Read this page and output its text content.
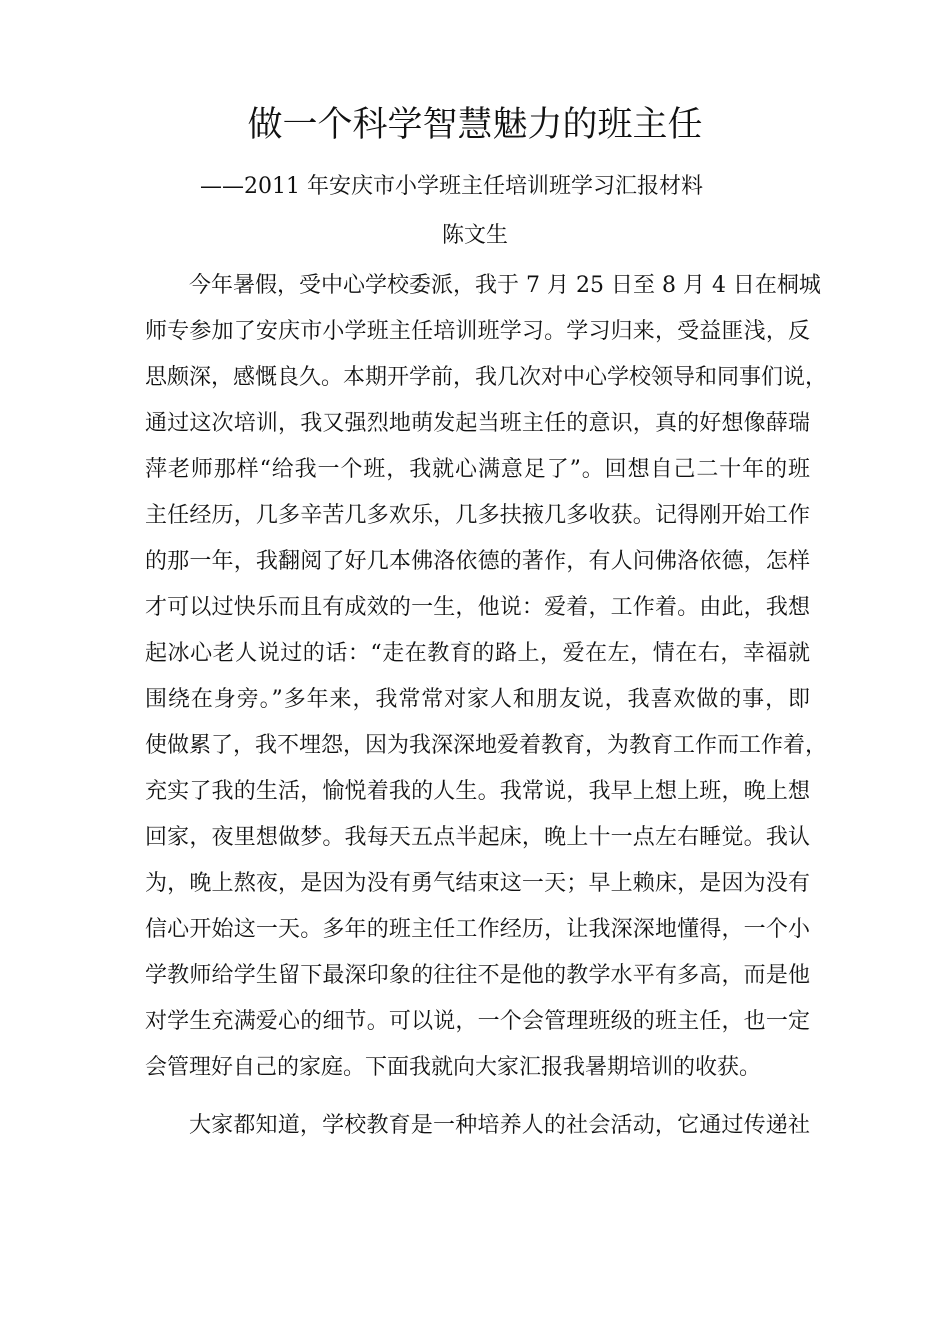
做一个科学智慧魅力的班主任

——2011 年安庆市小学班主任培训班学习汇报材料

陈文生

今年暑假，受中心学校委派，我于 7 月 25 日至 8 月 4 日在桐城
师专参加了安庆市小学班主任培训班学习。学习归来，受益匪浅，反
思颇深，感慨良久。本期开学前，我几次对中心学校领导和同事们说，
通过这次培训，我又强烈地萌发起当班主任的意识，真的好想像薛瑞
萍老师那样“给我一个班，我就心满意足了”。回想自己二十年的班
主任经历，几多辛苦几多欢乐，几多扶掖几多收获。记得刚开始工作
的那一年，我翻阅了好几本佛洛依德的著作，有人问佛洛依德，怎样
才可以过快乐而且有成效的一生，他说：爱着，工作着。由此，我想
起冰心老人说过的话：“走在教育的路上，爱在左，情在右，幸福就
围绕在身旁。”多年来，我常常对家人和朋友说，我喜欢做的事，即
使做累了，我不埋怨，因为我深深地爱着教育，为教育工作而工作着，
充实了我的生活，愉悦着我的人生。我常说，我早上想上班，晚上想
回家，夜里想做梦。我每天五点半起床，晚上十一点左右睡觉。我认
为，晚上熬夜，是因为没有勇气结束这一天；早上赖床，是因为没有
信心开始这一天。多年的班主任工作经历，让我深深地懂得，一个小
学教师给学生留下最深印象的往往不是他的教学水平有多高，而是他
对学生充满爱心的细节。可以说，一个会管理班级的班主任，也一定
会管理好自己的家庭。下面我就向大家汇报我暑期培训的收获。
大家都知道，学校教育是一种培养人的社会活动，它通过传递社
